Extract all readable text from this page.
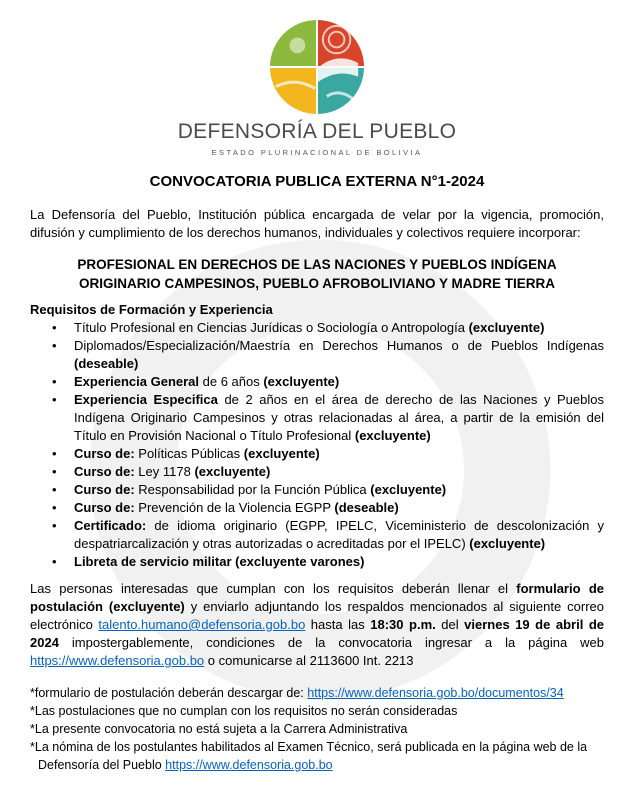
DEFENSORÍA DEL PUEBLO
ESTADO PLURINACIONAL DE BOLIVIA
CONVOCATORIA PUBLICA EXTERNA N°1-2024
La Defensoría del Pueblo, Institución pública encargada de velar por la vigencia, promoción, difusión y cumplimiento de los derechos humanos, individuales y colectivos requiere incorporar:
PROFESIONAL EN DERECHOS DE LAS NACIONES Y PUEBLOS INDÍGENA
ORIGINARIO CAMPESINOS, PUEBLO AFROBOLIVIANO Y MADRE TIERRA
Requisitos de Formación y Experiencia
• Título Profesional en Ciencias Jurídicas o Sociología o Antropología (excluyente)
• Diplomados/Especialización/Maestría en Derechos Humanos o de Pueblos Indígenas (deseable)
• Experiencia General de 6 años (excluyente)
• Experiencia Especifica de 2 años en el área de derecho de las Naciones y Pueblos Indígena Originario Campesinos y otras relacionadas al área, a partir de la emisión del Título en Provisión Nacional o Título Profesional (excluyente)
• Curso de: Políticas Públicas (excluyente)
• Curso de: Ley 1178 (excluyente)
• Curso de: Responsabilidad por la Función Pública (excluyente)
• Curso de: Prevención de la Violencia EGPP (deseable)
• Certificado: de idioma originario (EGPP, IPELC, Viceministerio de descolonización y despatriarcalización y otras autorizadas o acreditadas por el IPELC) (excluyente)
• Libreta de servicio militar (excluyente varones)
Las personas interesadas que cumplan con los requisitos deberán llenar el formulario de postulación (excluyente) y enviarlo adjuntando los respaldos mencionados al siguiente correo electrónico talento.humano@defensoria.gob.bo hasta las 18:30 p.m. del viernes 19 de abril de 2024 impostergablemente, condiciones de la convocatoria ingresar a la página web https://www.defensoria.gob.bo o comunicarse al 2113600 Int. 2213
*formulario de postulación deberán descargar de: https://www.defensoria.gob.bo/documentos/34
*Las postulaciones que no cumplan con los requisitos no serán consideradas
*La presente convocatoria no está sujeta a la Carrera Administrativa
*La nómina de los postulantes habilitados al Examen Técnico, será publicada en la página web de la
Defensoría del Pueblo https://www.defensoria.gob.bo
